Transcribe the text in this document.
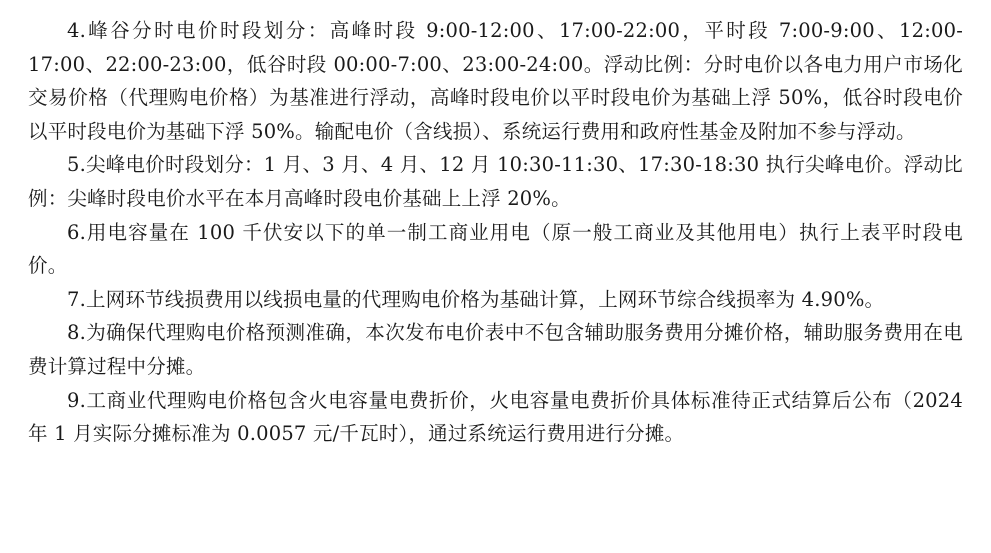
4.峰谷分时电价时段划分：高峰时段 9:00-12:00、17:00-22:00，平时段 7:00-9:00、12:00-17:00、22:00-23:00，低谷时段 00:00-7:00、23:00-24:00。浮动比例：分时电价以各电力用户市场化交易价格（代理购电价格）为基准进行浮动，高峰时段电价以平时段电价为基础上浮 50%，低谷时段电价以平时段电价为基础下浮 50%。输配电价（含线损）、系统运行费用和政府性基金及附加不参与浮动。

5.尖峰电价时段划分：1 月、3 月、4 月、12 月 10:30-11:30、17:30-18:30 执行尖峰电价。浮动比例：尖峰时段电价水平在本月高峰时段电价基础上上浮 20%。

6.用电容量在 100 千伏安以下的单一制工商业用电（原一般工商业及其他用电）执行上表平时段电价。

7.上网环节线损费用以线损电量的代理购电价格为基础计算，上网环节综合线损率为 4.90%。

8.为确保代理购电价格预测准确，本次发布电价表中不包含辅助服务费用分摊价格，辅助服务费用在电费计算过程中分摊。

9.工商业代理购电价格包含火电容量电费折价，火电容量电费折价具体标准待正式结算后公布（2024 年 1 月实际分摊标准为 0.0057 元/千瓦时），通过系统运行费用进行分摊。
